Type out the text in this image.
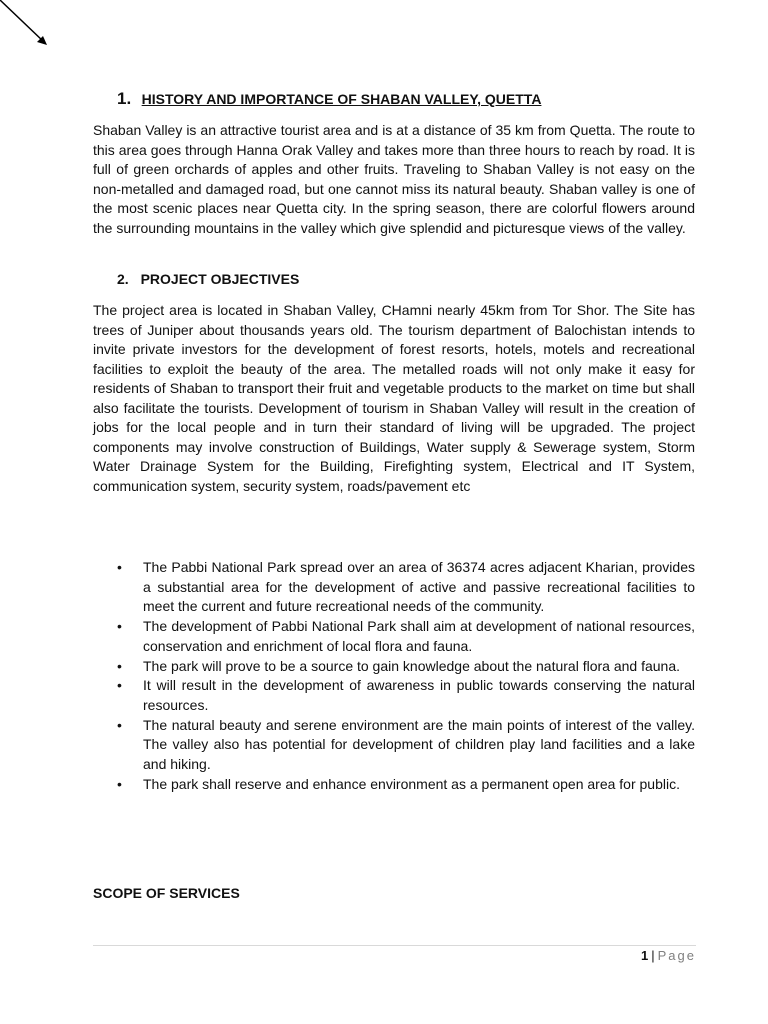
1. HISTORY AND IMPORTANCE OF SHABAN VALLEY, QUETTA
Shaban Valley is an attractive tourist area and is at a distance of 35 km from Quetta. The route to this area goes through Hanna Orak Valley and takes more than three hours to reach by road. It is full of green orchards of apples and other fruits. Traveling to Shaban Valley is not easy on the non-metalled and damaged road, but one cannot miss its natural beauty. Shaban valley is one of the most scenic places near Quetta city. In the spring season, there are colorful flowers around the surrounding mountains in the valley which give splendid and picturesque views of the valley.
2. PROJECT OBJECTIVES
The project area is located in Shaban Valley, CHamni nearly 45km from Tor Shor. The Site has trees of Juniper about thousands years old. The tourism department of Balochistan intends to invite private investors for the development of forest resorts, hotels, motels and recreational facilities to exploit the beauty of the area. The metalled roads will not only make it easy for residents of Shaban to transport their fruit and vegetable products to the market on time but shall also facilitate the tourists. Development of tourism in Shaban Valley will result in the creation of jobs for the local people and in turn their standard of living will be upgraded. The project components may involve construction of Buildings, Water supply & Sewerage system, Storm Water Drainage System for the Building, Firefighting system, Electrical and IT System, communication system, security system, roads/pavement etc
• The Pabbi National Park spread over an area of 36374 acres adjacent Kharian, provides a substantial area for the development of active and passive recreational facilities to meet the current and future recreational needs of the community.
• The development of Pabbi National Park shall aim at development of national resources, conservation and enrichment of local flora and fauna.
• The park will prove to be a source to gain knowledge about the natural flora and fauna.
• It will result in the development of awareness in public towards conserving the natural resources.
• The natural beauty and serene environment are the main points of interest of the valley. The valley also has potential for development of children play land facilities and a lake and hiking.
• The park shall reserve and enhance environment as a permanent open area for public.
SCOPE OF SERVICES
1 | Page
